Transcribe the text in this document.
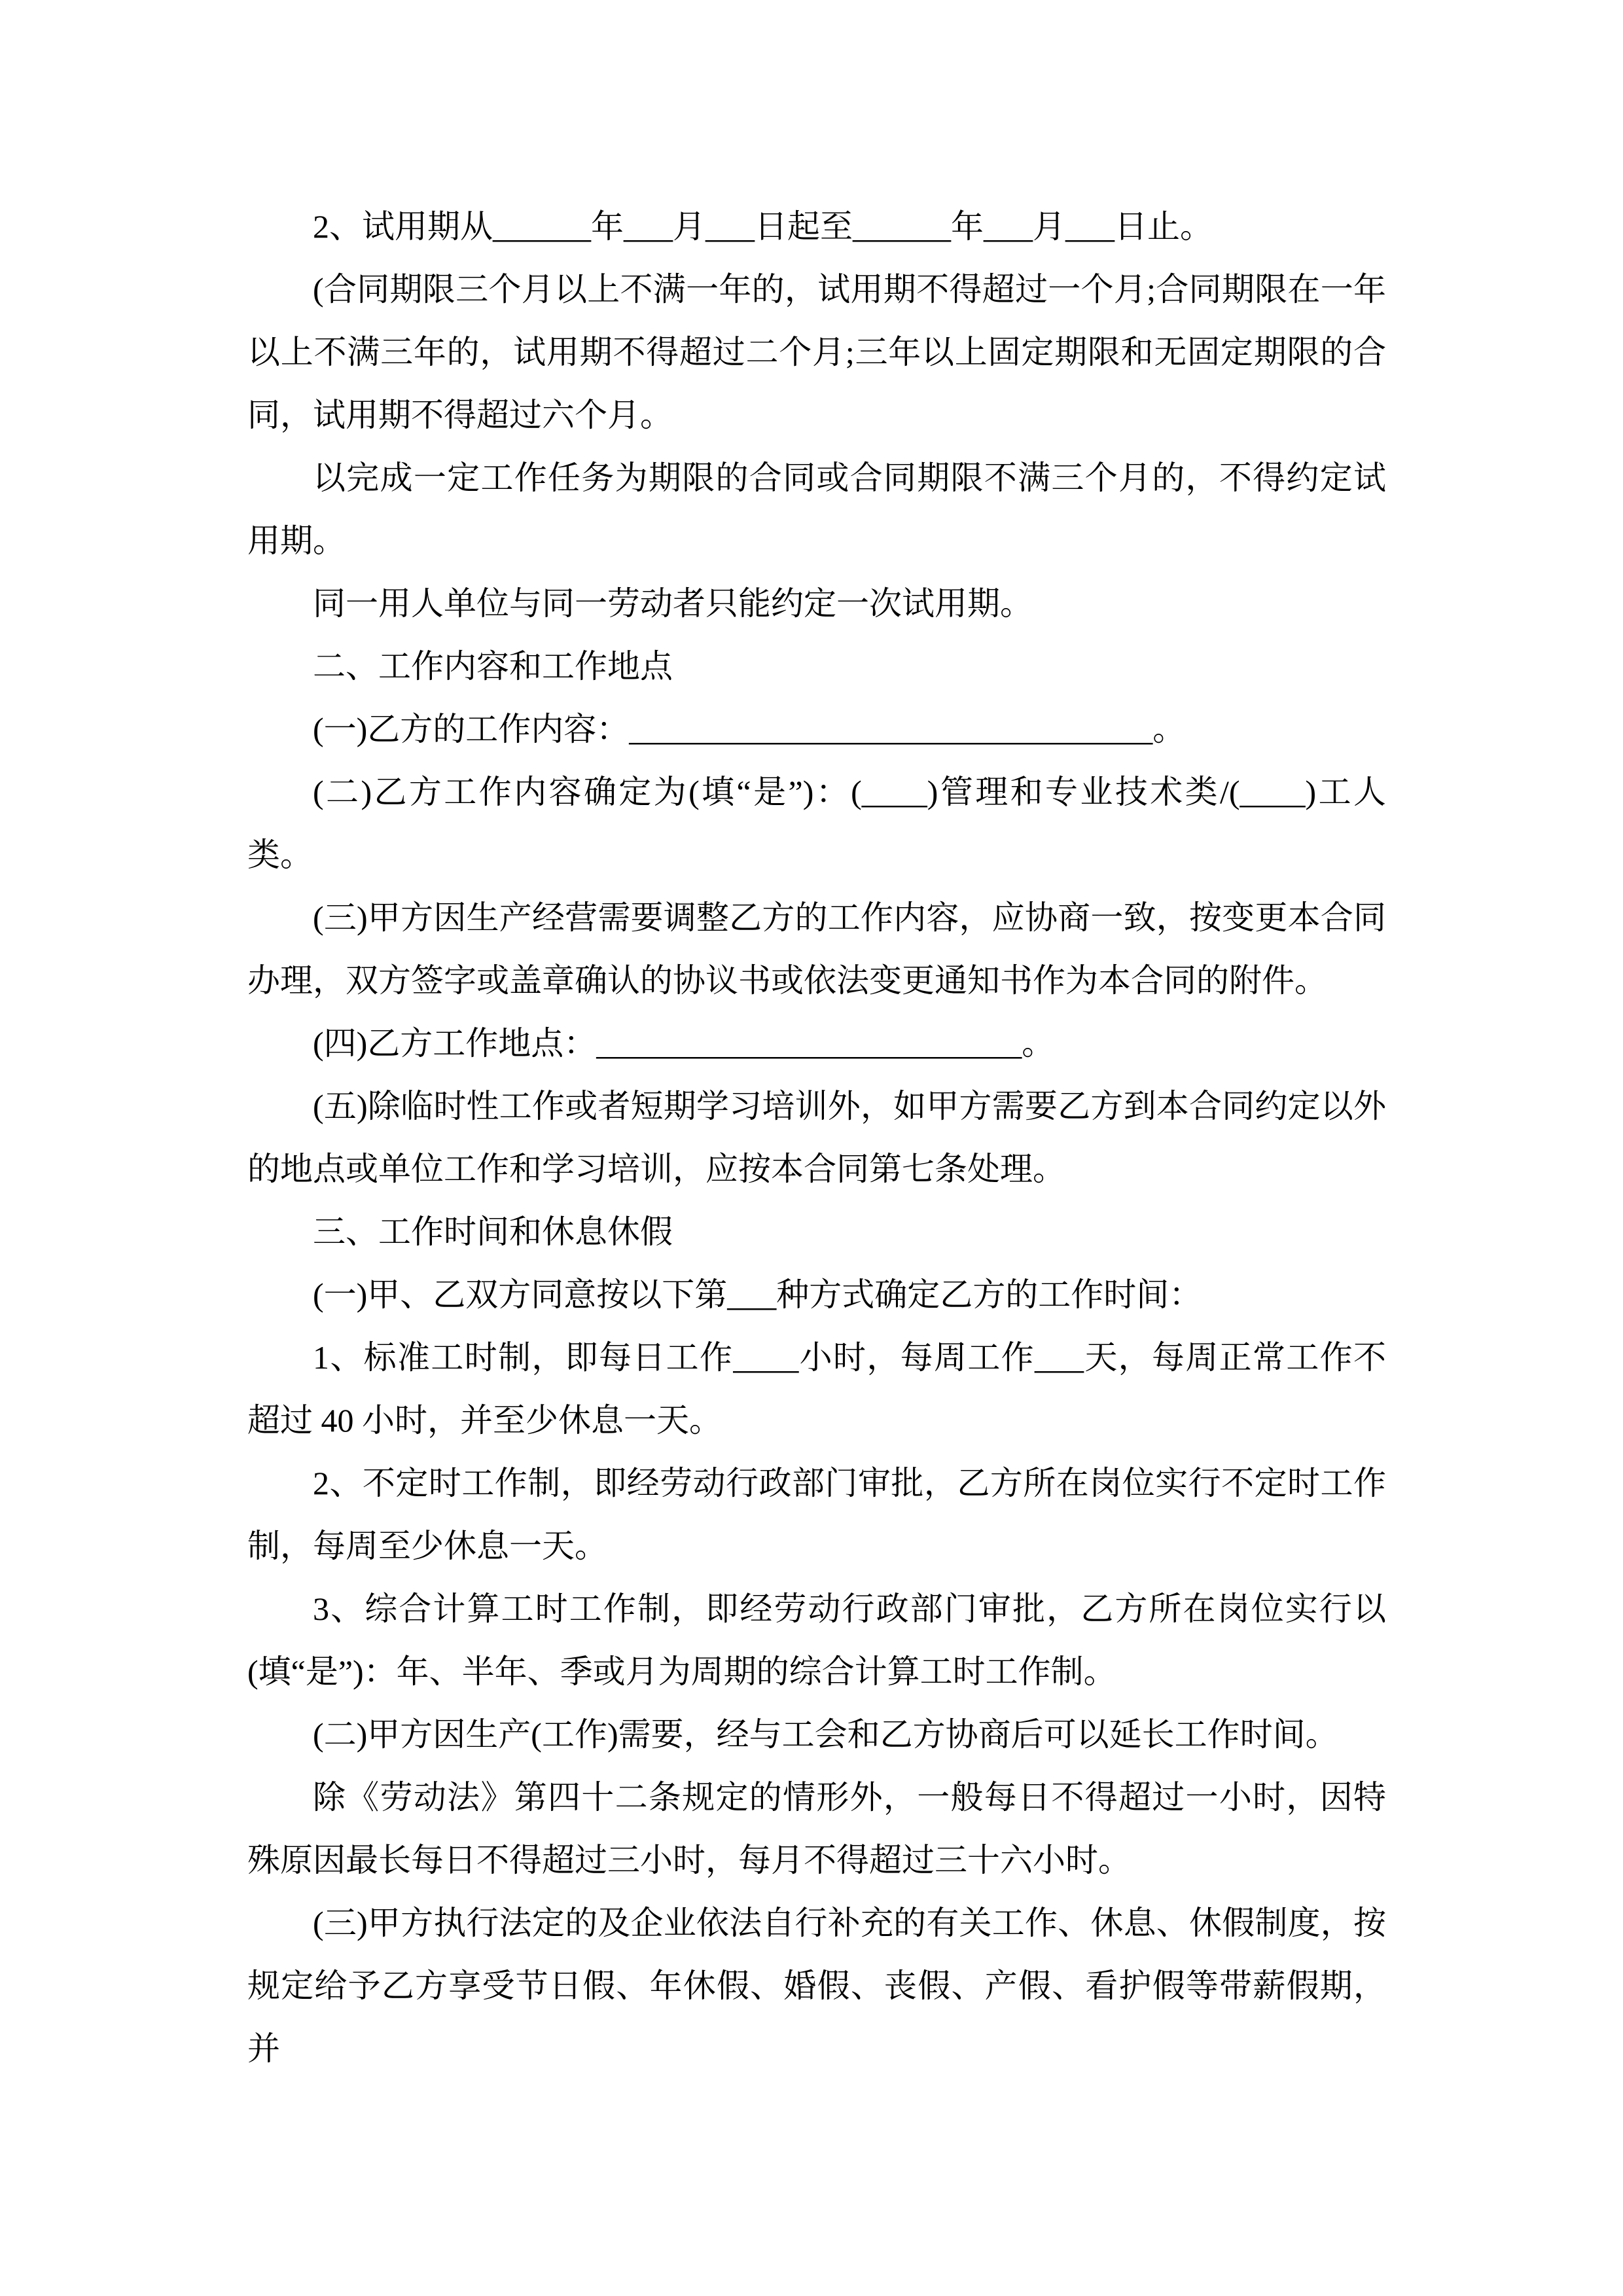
2、试用期从______年___月___日起至______年___月___日止。

(合同期限三个月以上不满一年的，试用期不得超过一个月;合同期限在一年以上不满三年的，试用期不得超过二个月;三年以上固定期限和无固定期限的合同，试用期不得超过六个月。

以完成一定工作任务为期限的合同或合同期限不满三个月的，不得约定试用期。

同一用人单位与同一劳动者只能约定一次试用期。

二、工作内容和工作地点

(一)乙方的工作内容：________________________________。

(二)乙方工作内容确定为(填“是”)：(____)管理和专业技术类/(____)工人类。

(三)甲方因生产经营需要调整乙方的工作内容，应协商一致，按变更本合同办理，双方签字或盖章确认的协议书或依法变更通知书作为本合同的附件。

(四)乙方工作地点：__________________________。

(五)除临时性工作或者短期学习培训外，如甲方需要乙方到本合同约定以外的地点或单位工作和学习培训，应按本合同第七条处理。

三、工作时间和休息休假

(一)甲、乙双方同意按以下第___种方式确定乙方的工作时间：

1、标准工时制，即每日工作____小时，每周工作___天，每周正常工作不超过 40 小时，并至少休息一天。

2、不定时工作制，即经劳动行政部门审批，乙方所在岗位实行不定时工作制，每周至少休息一天。

3、综合计算工时工作制，即经劳动行政部门审批，乙方所在岗位实行以(填“是”)：年、半年、季或月为周期的综合计算工时工作制。

(二)甲方因生产(工作)需要，经与工会和乙方协商后可以延长工作时间。

除《劳动法》第四十二条规定的情形外，一般每日不得超过一小时，因特殊原因最长每日不得超过三小时，每月不得超过三十六小时。

(三)甲方执行法定的及企业依法自行补充的有关工作、休息、休假制度，按规定给予乙方享受节日假、年休假、婚假、丧假、产假、看护假等带薪假期，并
